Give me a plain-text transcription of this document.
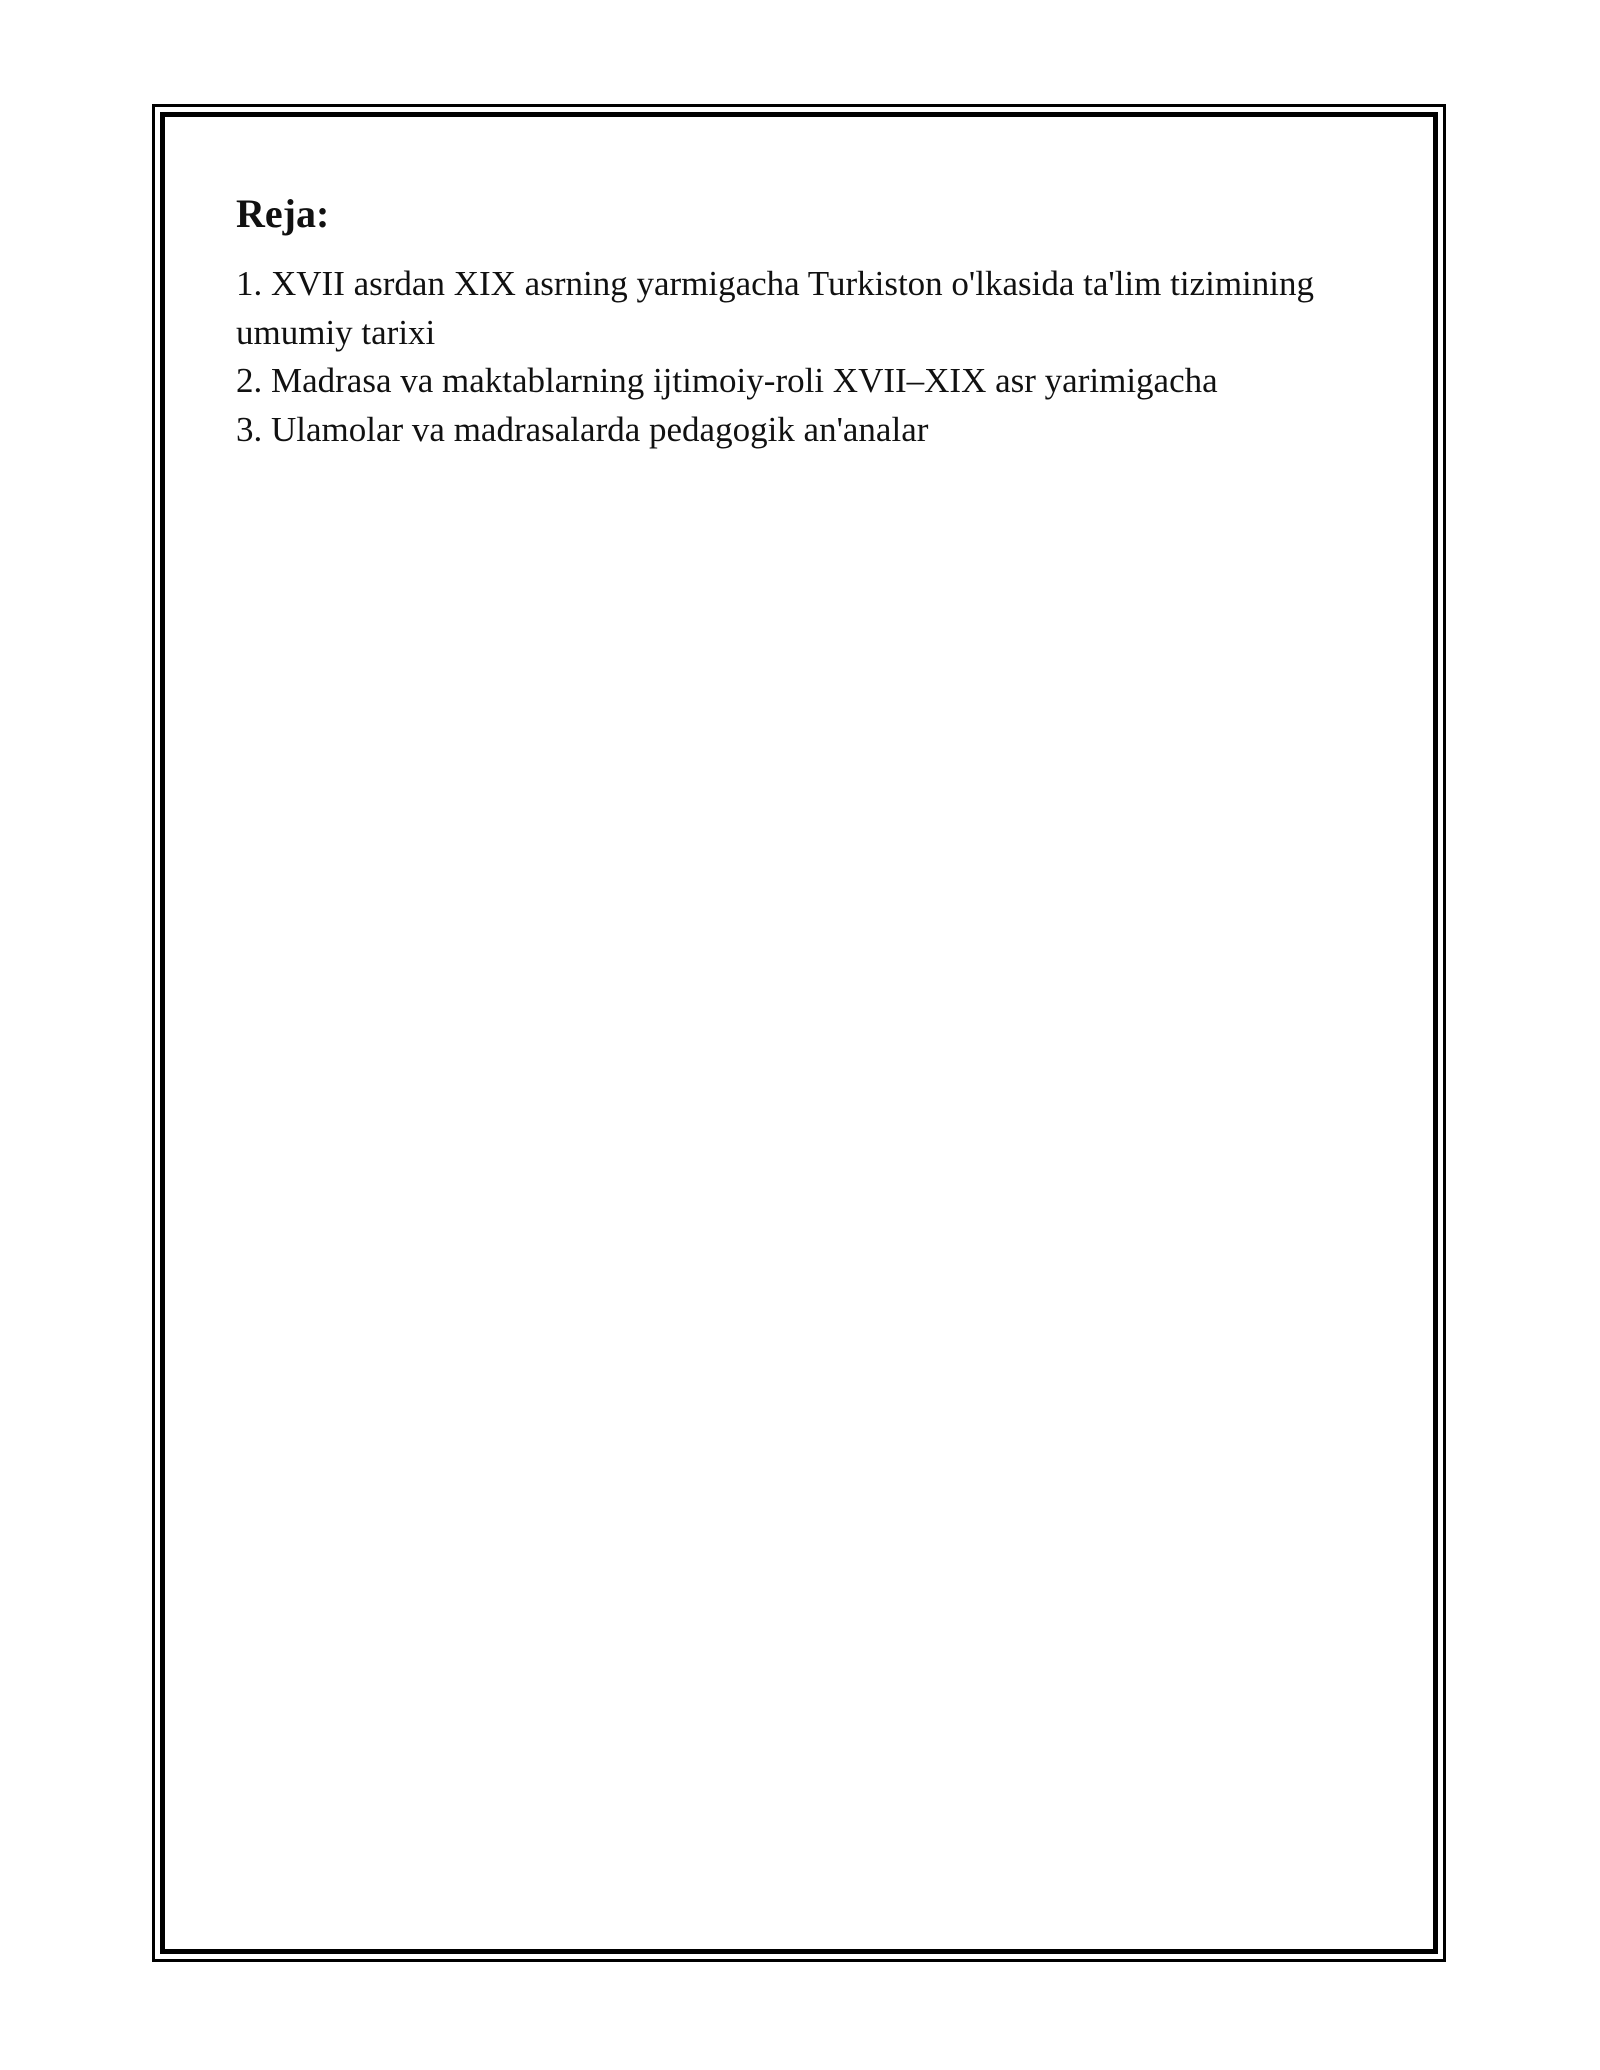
Reja:
1. XVII asrdan XIX asrning yarmigacha Turkiston o'lkasida ta'lim tizimining umumiy tarixi
2. Madrasa va maktablarning ijtimoiy-roli XVII–XIX asr yarimigacha
3. Ulamolar va madrasalarda pedagogik an'analar
